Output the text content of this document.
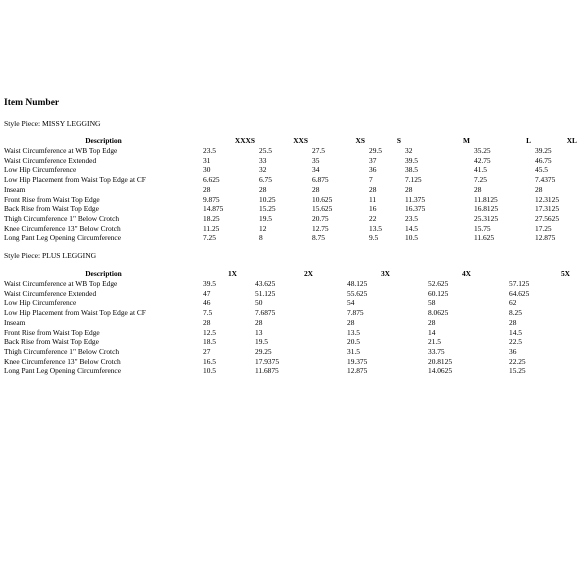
Item Number
Style Piece: MISSY LEGGING
Description	XXXS	XXS	XS	S	M	L	XL
Waist Circumference at WB Top Edge	23.5	25.5	27.5	29.5	32	35.25	39.25
Waist Circumference Extended	31	33	35	37	39.5	42.75	46.75
Low Hip Circumference	30	32	34	36	38.5	41.5	45.5
Low Hip Placement from Waist Top Edge at CF	6.625	6.75	6.875	7	7.125	7.25	7.4375
Inseam	28	28	28	28	28	28	28
Front Rise from Waist Top Edge	9.875	10.25	10.625	11	11.375	11.8125	12.3125
Back Rise from Waist Top Edge	14.875	15.25	15.625	16	16.375	16.8125	17.3125
Thigh Circumference 1" Below Crotch	18.25	19.5	20.75	22	23.5	25.3125	27.5625
Knee Circumference 13" Below Crotch	11.25	12	12.75	13.5	14.5	15.75	17.25
Long Pant Leg Opening Circumference	7.25	8	8.75	9.5	10.5	11.625	12.875
Style Piece: PLUS LEGGING
Description	1X	2X	3X	4X	5X
Waist Circumference at WB Top Edge	39.5	43.625	48.125	52.625	57.125
Waist Circumference Extended	47	51.125	55.625	60.125	64.625
Low Hip Circumference	46	50	54	58	62
Low Hip Placement from Waist Top Edge at CF	7.5	7.6875	7.875	8.0625	8.25
Inseam	28	28	28	28	28
Front Rise from Waist Top Edge	12.5	13	13.5	14	14.5
Back Rise from Waist Top Edge	18.5	19.5	20.5	21.5	22.5
Thigh Circumference 1" Below Crotch	27	29.25	31.5	33.75	36
Knee Circumference 13" Below Crotch	16.5	17.9375	19.375	20.8125	22.25
Long Pant Leg Opening Circumference	10.5	11.6875	12.875	14.0625	15.25
